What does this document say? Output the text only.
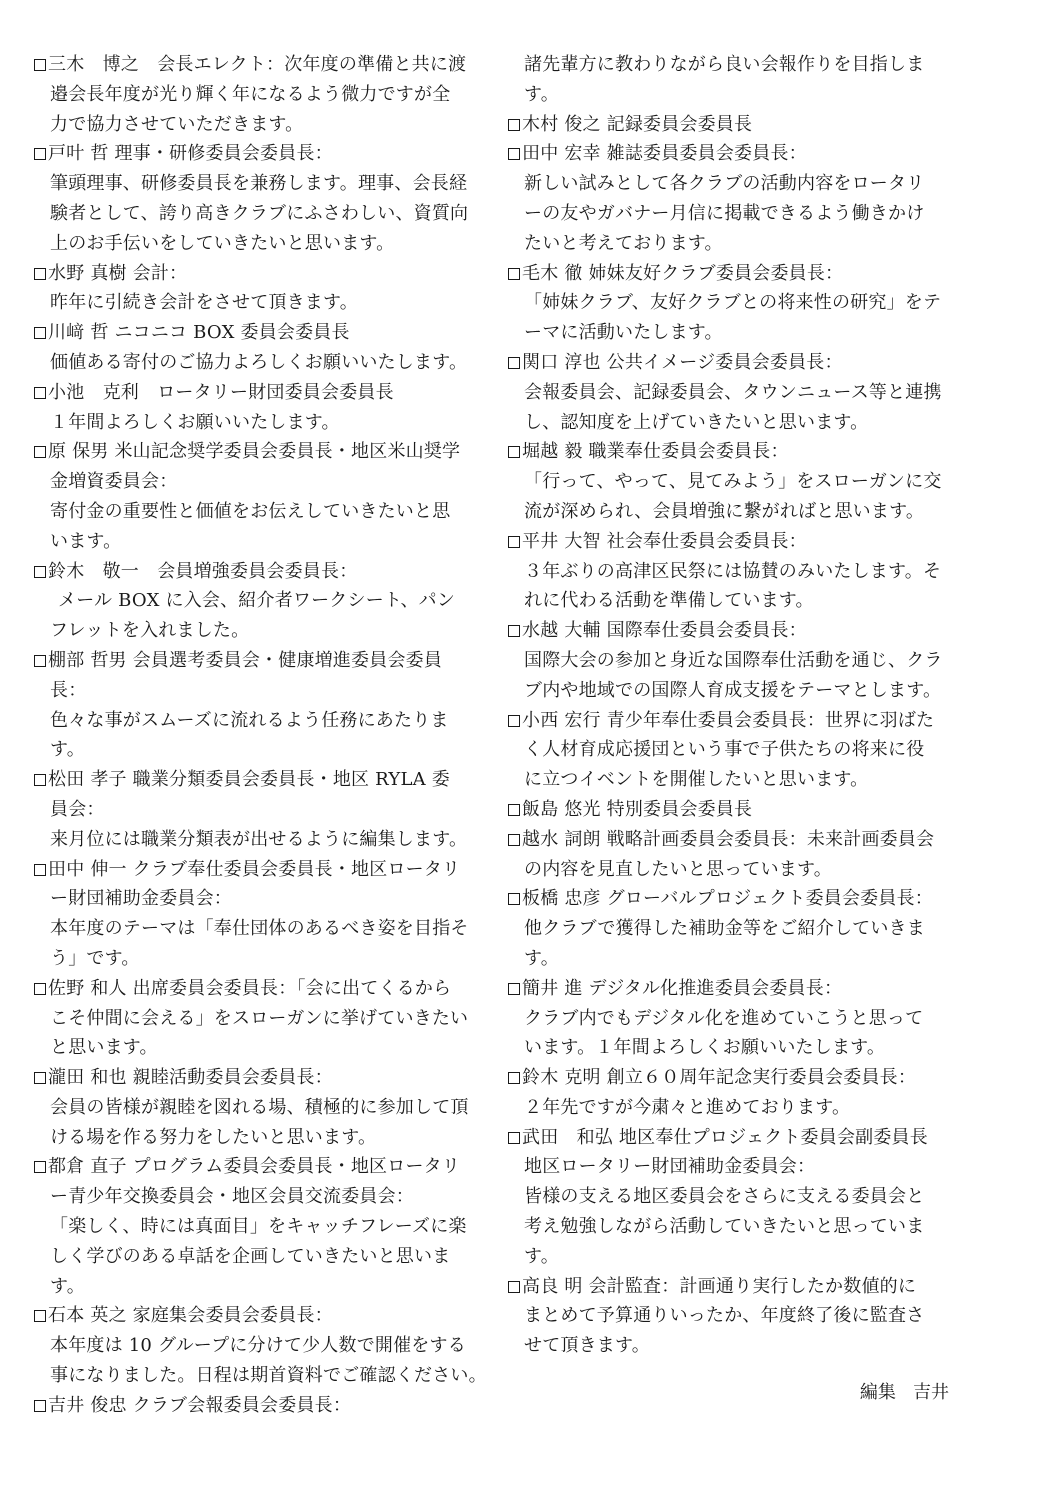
三木　博之　会長エレクト：次年度の準備と共に渡
邉会長年度が光り輝く年になるよう微力ですが全
力で協力させていただきます。
戸叶 哲 理事・研修委員会委員長：
筆頭理事、研修委員長を兼務します。理事、会長経
験者として、誇り高きクラブにふさわしい、資質向
上のお手伝いをしていきたいと思います。
水野 真樹 会計：
昨年に引続き会計をさせて頂きます。
川﨑 哲 ニコニコ BOX 委員会委員長
価値ある寄付のご協力よろしくお願いいたします。
小池　克利　ロータリー財団委員会委員長
１年間よろしくお願いいたします。
原 保男 米山記念奨学委員会委員長・地区米山奨学
金増資委員会：
寄付金の重要性と価値をお伝えしていきたいと思
います。
鈴木　敬一　会員増強委員会委員長：
メール BOX に入会、紹介者ワークシート、パン
フレットを入れました。
棚部 哲男 会員選考委員会・健康増進委員会委員
長：
色々な事がスムーズに流れるよう任務にあたりま
す。
松田 孝子 職業分類委員会委員長・地区 RYLA 委
員会：
来月位には職業分類表が出せるように編集します。
田中 伸一 クラブ奉仕委員会委員長・地区ロータリ
ー財団補助金委員会：
本年度のテーマは「奉仕団体のあるべき姿を目指そ
う」です。
佐野 和人 出席委員会委員長：「会に出てくるから
こそ仲間に会える」をスローガンに挙げていきたい
と思います。
瀧田 和也 親睦活動委員会委員長：
会員の皆様が親睦を図れる場、積極的に参加して頂
ける場を作る努力をしたいと思います。
都倉 直子 プログラム委員会委員長・地区ロータリ
ー青少年交換委員会・地区会員交流委員会：
「楽しく、時には真面目」をキャッチフレーズに楽
しく学びのある卓話を企画していきたいと思いま
す。
石本 英之 家庭集会委員会委員長：
本年度は 10 グループに分けて少人数で開催をする
事になりました。日程は期首資料でご確認ください。
吉井 俊忠 クラブ会報委員会委員長：
諸先輩方に教わりながら良い会報作りを目指しま
す。
木村 俊之 記録委員会委員長
田中 宏幸 雑誌委員委員会委員長：
新しい試みとして各クラブの活動内容をロータリ
ーの友やガバナー月信に掲載できるよう働きかけ
たいと考えております。
毛木 徹 姉妹友好クラブ委員会委員長：
「姉妹クラブ、友好クラブとの将来性の研究」をテ
ーマに活動いたします。
関口 淳也 公共イメージ委員会委員長：
会報委員会、記録委員会、タウンニュース等と連携
し、認知度を上げていきたいと思います。
堀越 毅 職業奉仕委員会委員長：
「行って、やって、見てみよう」をスローガンに交
流が深められ、会員増強に繋がればと思います。
平井 大智 社会奉仕委員会委員長：
３年ぶりの高津区民祭には協賛のみいたします。そ
れに代わる活動を準備しています。
水越 大輔 国際奉仕委員会委員長：
国際大会の参加と身近な国際奉仕活動を通じ、クラ
ブ内や地域での国際人育成支援をテーマとします。
小西 宏行 青少年奉仕委員会委員長：世界に羽ばた
く人材育成応援団という事で子供たちの将来に役
に立つイベントを開催したいと思います。
飯島 悠光 特別委員会委員長
越水 詞朗 戦略計画委員会委員長：未来計画委員会
の内容を見直したいと思っています。
板橋 忠彦 グローバルプロジェクト委員会委員長：
他クラブで獲得した補助金等をご紹介していきま
す。
簡井 進 デジタル化推進委員会委員長：
クラブ内でもデジタル化を進めていこうと思って
います。１年間よろしくお願いいたします。
鈴木 克明 創立６０周年記念実行委員会委員長：
２年先ですが今粛々と進めております。
武田　和弘 地区奉仕プロジェクト委員会副委員長
地区ロータリー財団補助金委員会：
皆様の支える地区委員会をさらに支える委員会と
考え勉強しながら活動していきたいと思っていま
す。
高良 明 会計監査：計画通り実行したか数値的に
まとめて予算通りいったか、年度終了後に監査さ
せて頂きます。
編集 吉井
